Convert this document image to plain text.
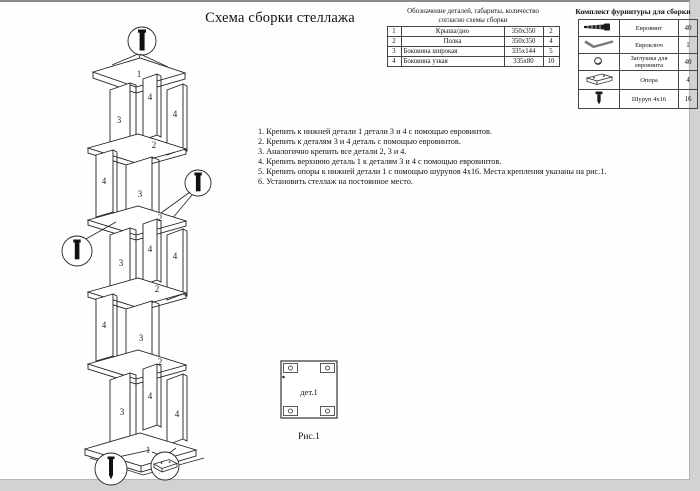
Схема сборки стеллажа	Обозначение деталей, габариты, количество
согласно схемы сборки
1	Крыша/дно	350х350	2
2	Полка	350х350	4
3	Боковина широкая	335х144	5
4	Боковина узкая	335х80	10
Комплект фурнитуры для сборки
	Евровинт	40
	Евроключ	1
	Заглушка для евровинта	40
	Опора	4
	Шуруп 4х16	16
1. Крепить к нижней детали 1 детали 3 и 4 с помощью евровинтов.
2. Крепить к деталям 3 и 4 деталь с помощью евровинтов.
3. Аналогично крепить все детали 2, 3 и 4.
4. Крепить верхнюю деталь 1 к деталям 3 и 4 с помощью евровинтов.
5. Крепить опоры к нижней детали 1 с помощью шурупов 4х16. Места крепления указаны на рис.1.
6. Установить стеллаж на постоянное место.
1
3
4
4
2
4
3
2
3
4
4
2
4
3
2
3
4
4
1
дет.1
Рис.1
